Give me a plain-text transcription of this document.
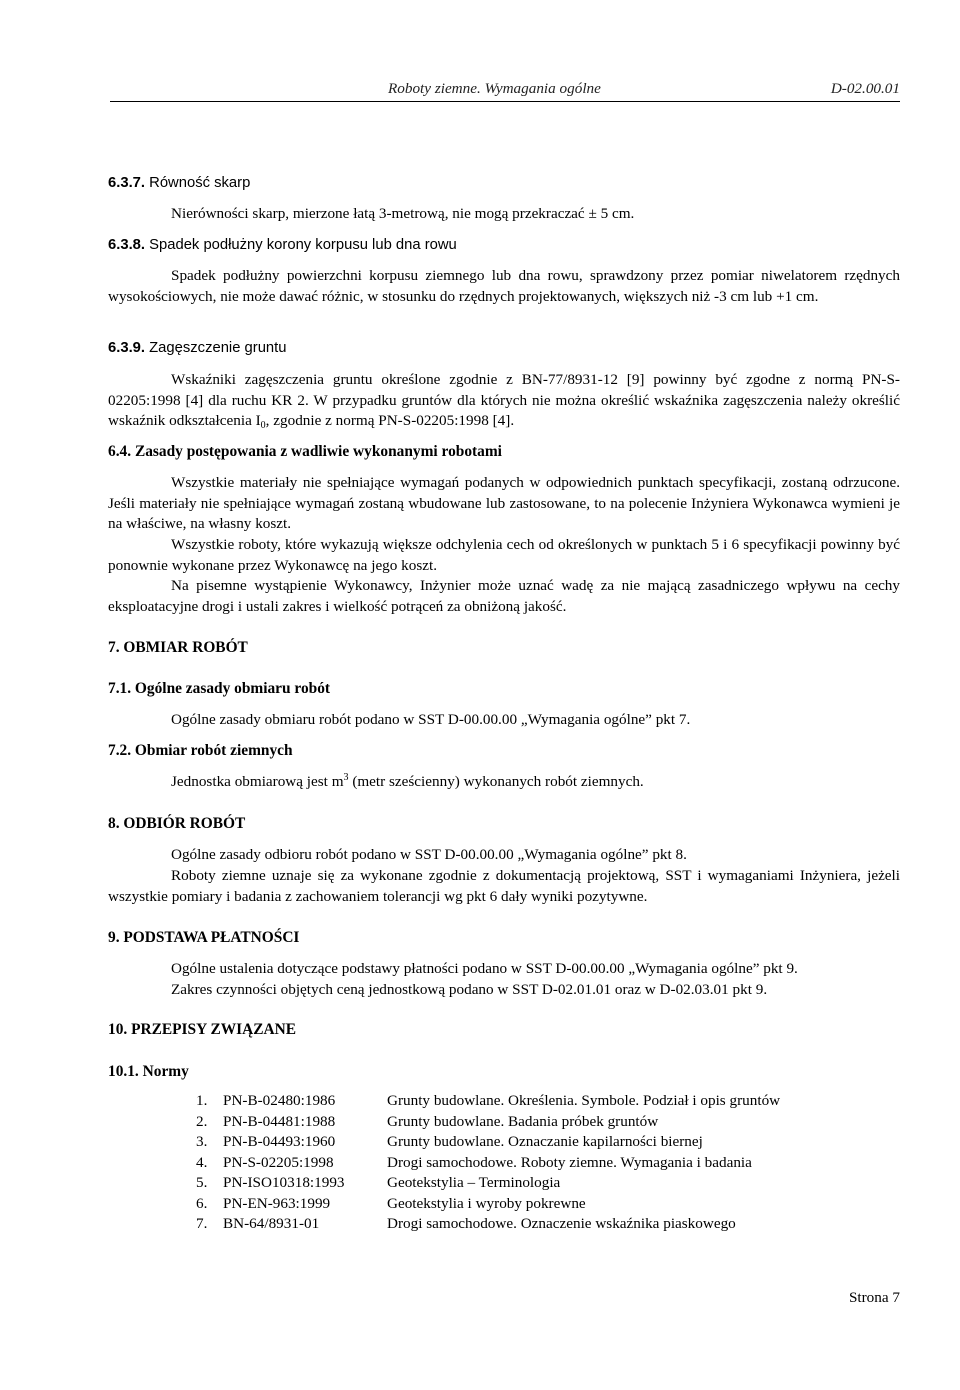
Roboty ziemne. Wymagania ogólne	D-02.00.01
6.3.7. Równość skarp
Nierówności skarp, mierzone łatą 3-metrową, nie mogą przekraczać ± 5 cm.
6.3.8. Spadek podłużny korony korpusu lub dna rowu
Spadek podłużny powierzchni korpusu ziemnego lub dna rowu, sprawdzony przez pomiar niwelatorem rzędnych wysokościowych, nie może dawać różnic, w stosunku do rzędnych projektowanych, większych niż -3 cm lub +1 cm.
6.3.9. Zagęszczenie gruntu
Wskaźniki zagęszczenia gruntu określone zgodnie z BN-77/8931-12 [9] powinny być zgodne z normą PN-S-02205:1998 [4] dla ruchu KR 2. W przypadku gruntów dla których nie można określić wskaźnika zagęszczenia należy określić wskaźnik odkształcenia $I_0$, zgodnie z normą PN-S-02205:1998 [4].
6.4. Zasady postępowania z wadliwie wykonanymi robotami
Wszystkie materiały nie spełniające wymagań podanych w odpowiednich punktach specyfikacji, zostaną odrzucone. Jeśli materiały nie spełniające wymagań zostaną wbudowane lub zastosowane, to na polecenie Inżyniera Wykonawca wymieni je na właściwe, na własny koszt.
Wszystkie roboty, które wykazują większe odchylenia cech od określonych w punktach 5 i 6 specyfikacji powinny być ponownie wykonane przez Wykonawcę na jego koszt.
Na pisemne wystąpienie Wykonawcy, Inżynier może uznać wadę za nie mającą zasadniczego wpływu na cechy eksploatacyjne drogi i ustali zakres i wielkość potrąceń za obniżoną jakość.
7. OBMIAR ROBÓT
7.1. Ogólne zasady obmiaru robót
Ogólne zasady obmiaru robót podano w SST D-00.00.00 „Wymagania ogólne” pkt 7.
7.2. Obmiar robót ziemnych
Jednostka obmiarową jest $m^3$ (metr sześcienny) wykonanych robót ziemnych.
8. ODBIÓR ROBÓT
Ogólne zasady odbioru robót podano w SST D-00.00.00 „Wymagania ogólne” pkt 8.
Roboty ziemne uznaje się za wykonane zgodnie z dokumentacją projektową, SST i wymaganiami Inżyniera, jeżeli wszystkie pomiary i badania z zachowaniem tolerancji wg pkt 6 dały wyniki pozytywne.
9. PODSTAWA PŁATNOŚCI
Ogólne ustalenia dotyczące podstawy płatności podano w SST D-00.00.00 „Wymagania ogólne” pkt 9.
Zakres czynności objętych ceną jednostkową podano w SST D-02.01.01 oraz w D-02.03.01 pkt 9.
10. PRZEPISY ZWIĄZANE
10.1. Normy
1.	PN-B-02480:1986	Grunty budowlane. Określenia. Symbole. Podział i opis gruntów
2.	PN-B-04481:1988	Grunty budowlane. Badania próbek gruntów
3.	PN-B-04493:1960	Grunty budowlane. Oznaczanie kapilarności biernej
4.	PN-S-02205:1998	Drogi samochodowe. Roboty ziemne. Wymagania i badania
5.	PN-ISO10318:1993	Geotekstylia – Terminologia
6.	PN-EN-963:1999	Geotekstylia i wyroby pokrewne
7.	BN-64/8931-01	Drogi samochodowe. Oznaczenie wskaźnika piaskowego
Strona 7
